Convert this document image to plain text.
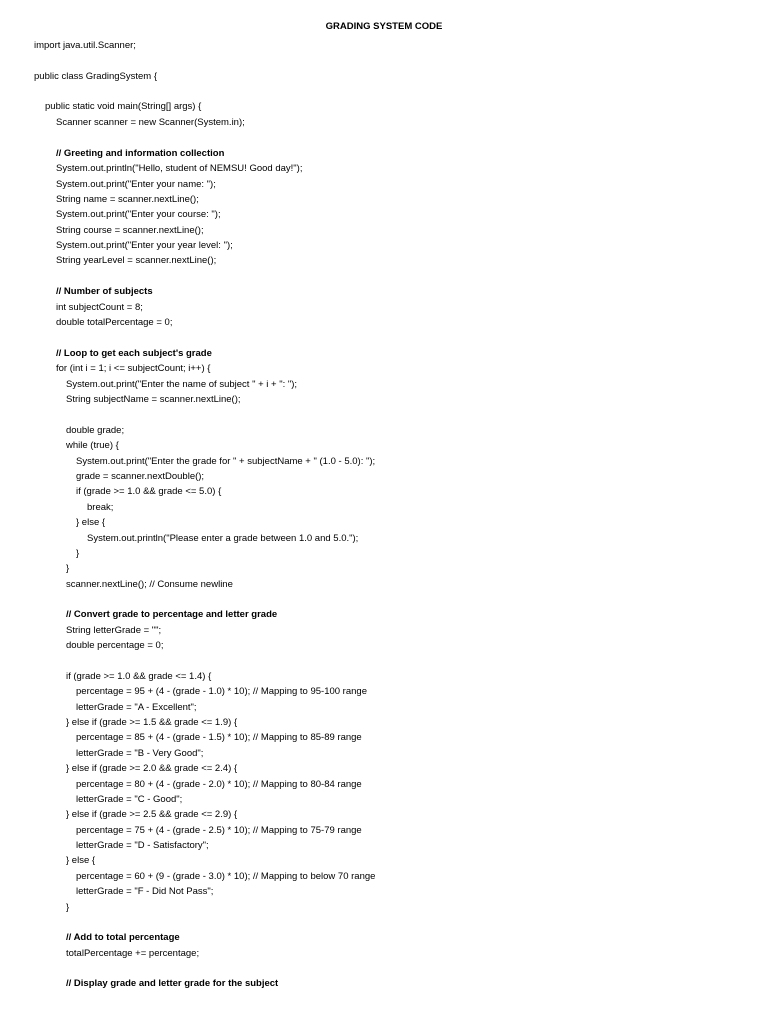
GRADING SYSTEM CODE
import java.util.Scanner;
public class GradingSystem {
public static void main(String[] args) {
Scanner scanner = new Scanner(System.in);
// Greeting and information collection
System.out.println("Hello, student of NEMSU! Good day!");
System.out.print("Enter your name: ");
String name = scanner.nextLine();
System.out.print("Enter your course: ");
String course = scanner.nextLine();
System.out.print("Enter your year level: ");
String yearLevel = scanner.nextLine();
// Number of subjects
int subjectCount = 8;
double totalPercentage = 0;
// Loop to get each subject's grade
for (int i = 1; i <= subjectCount; i++) {
System.out.print("Enter the name of subject " + i + ": ");
String subjectName = scanner.nextLine();
double grade;
while (true) {
System.out.print("Enter the grade for " + subjectName + " (1.0 - 5.0): ");
grade = scanner.nextDouble();
if (grade >= 1.0 && grade <= 5.0) {
break;
} else {
System.out.println("Please enter a grade between 1.0 and 5.0.");
}
}
scanner.nextLine(); // Consume newline
// Convert grade to percentage and letter grade
String letterGrade = "";
double percentage = 0;
if (grade >= 1.0 && grade <= 1.4) {
percentage = 95 + (4 - (grade - 1.0) * 10); // Mapping to 95-100 range
letterGrade = "A - Excellent";
} else if (grade >= 1.5 && grade <= 1.9) {
percentage = 85 + (4 - (grade - 1.5) * 10); // Mapping to 85-89 range
letterGrade = "B - Very Good";
} else if (grade >= 2.0 && grade <= 2.4) {
percentage = 80 + (4 - (grade - 2.0) * 10); // Mapping to 80-84 range
letterGrade = "C - Good";
} else if (grade >= 2.5 && grade <= 2.9) {
percentage = 75 + (4 - (grade - 2.5) * 10); // Mapping to 75-79 range
letterGrade = "D - Satisfactory";
} else {
percentage = 60 + (9 - (grade - 3.0) * 10); // Mapping to below 70 range
letterGrade = "F - Did Not Pass";
}
// Add to total percentage
totalPercentage += percentage;
// Display grade and letter grade for the subject
